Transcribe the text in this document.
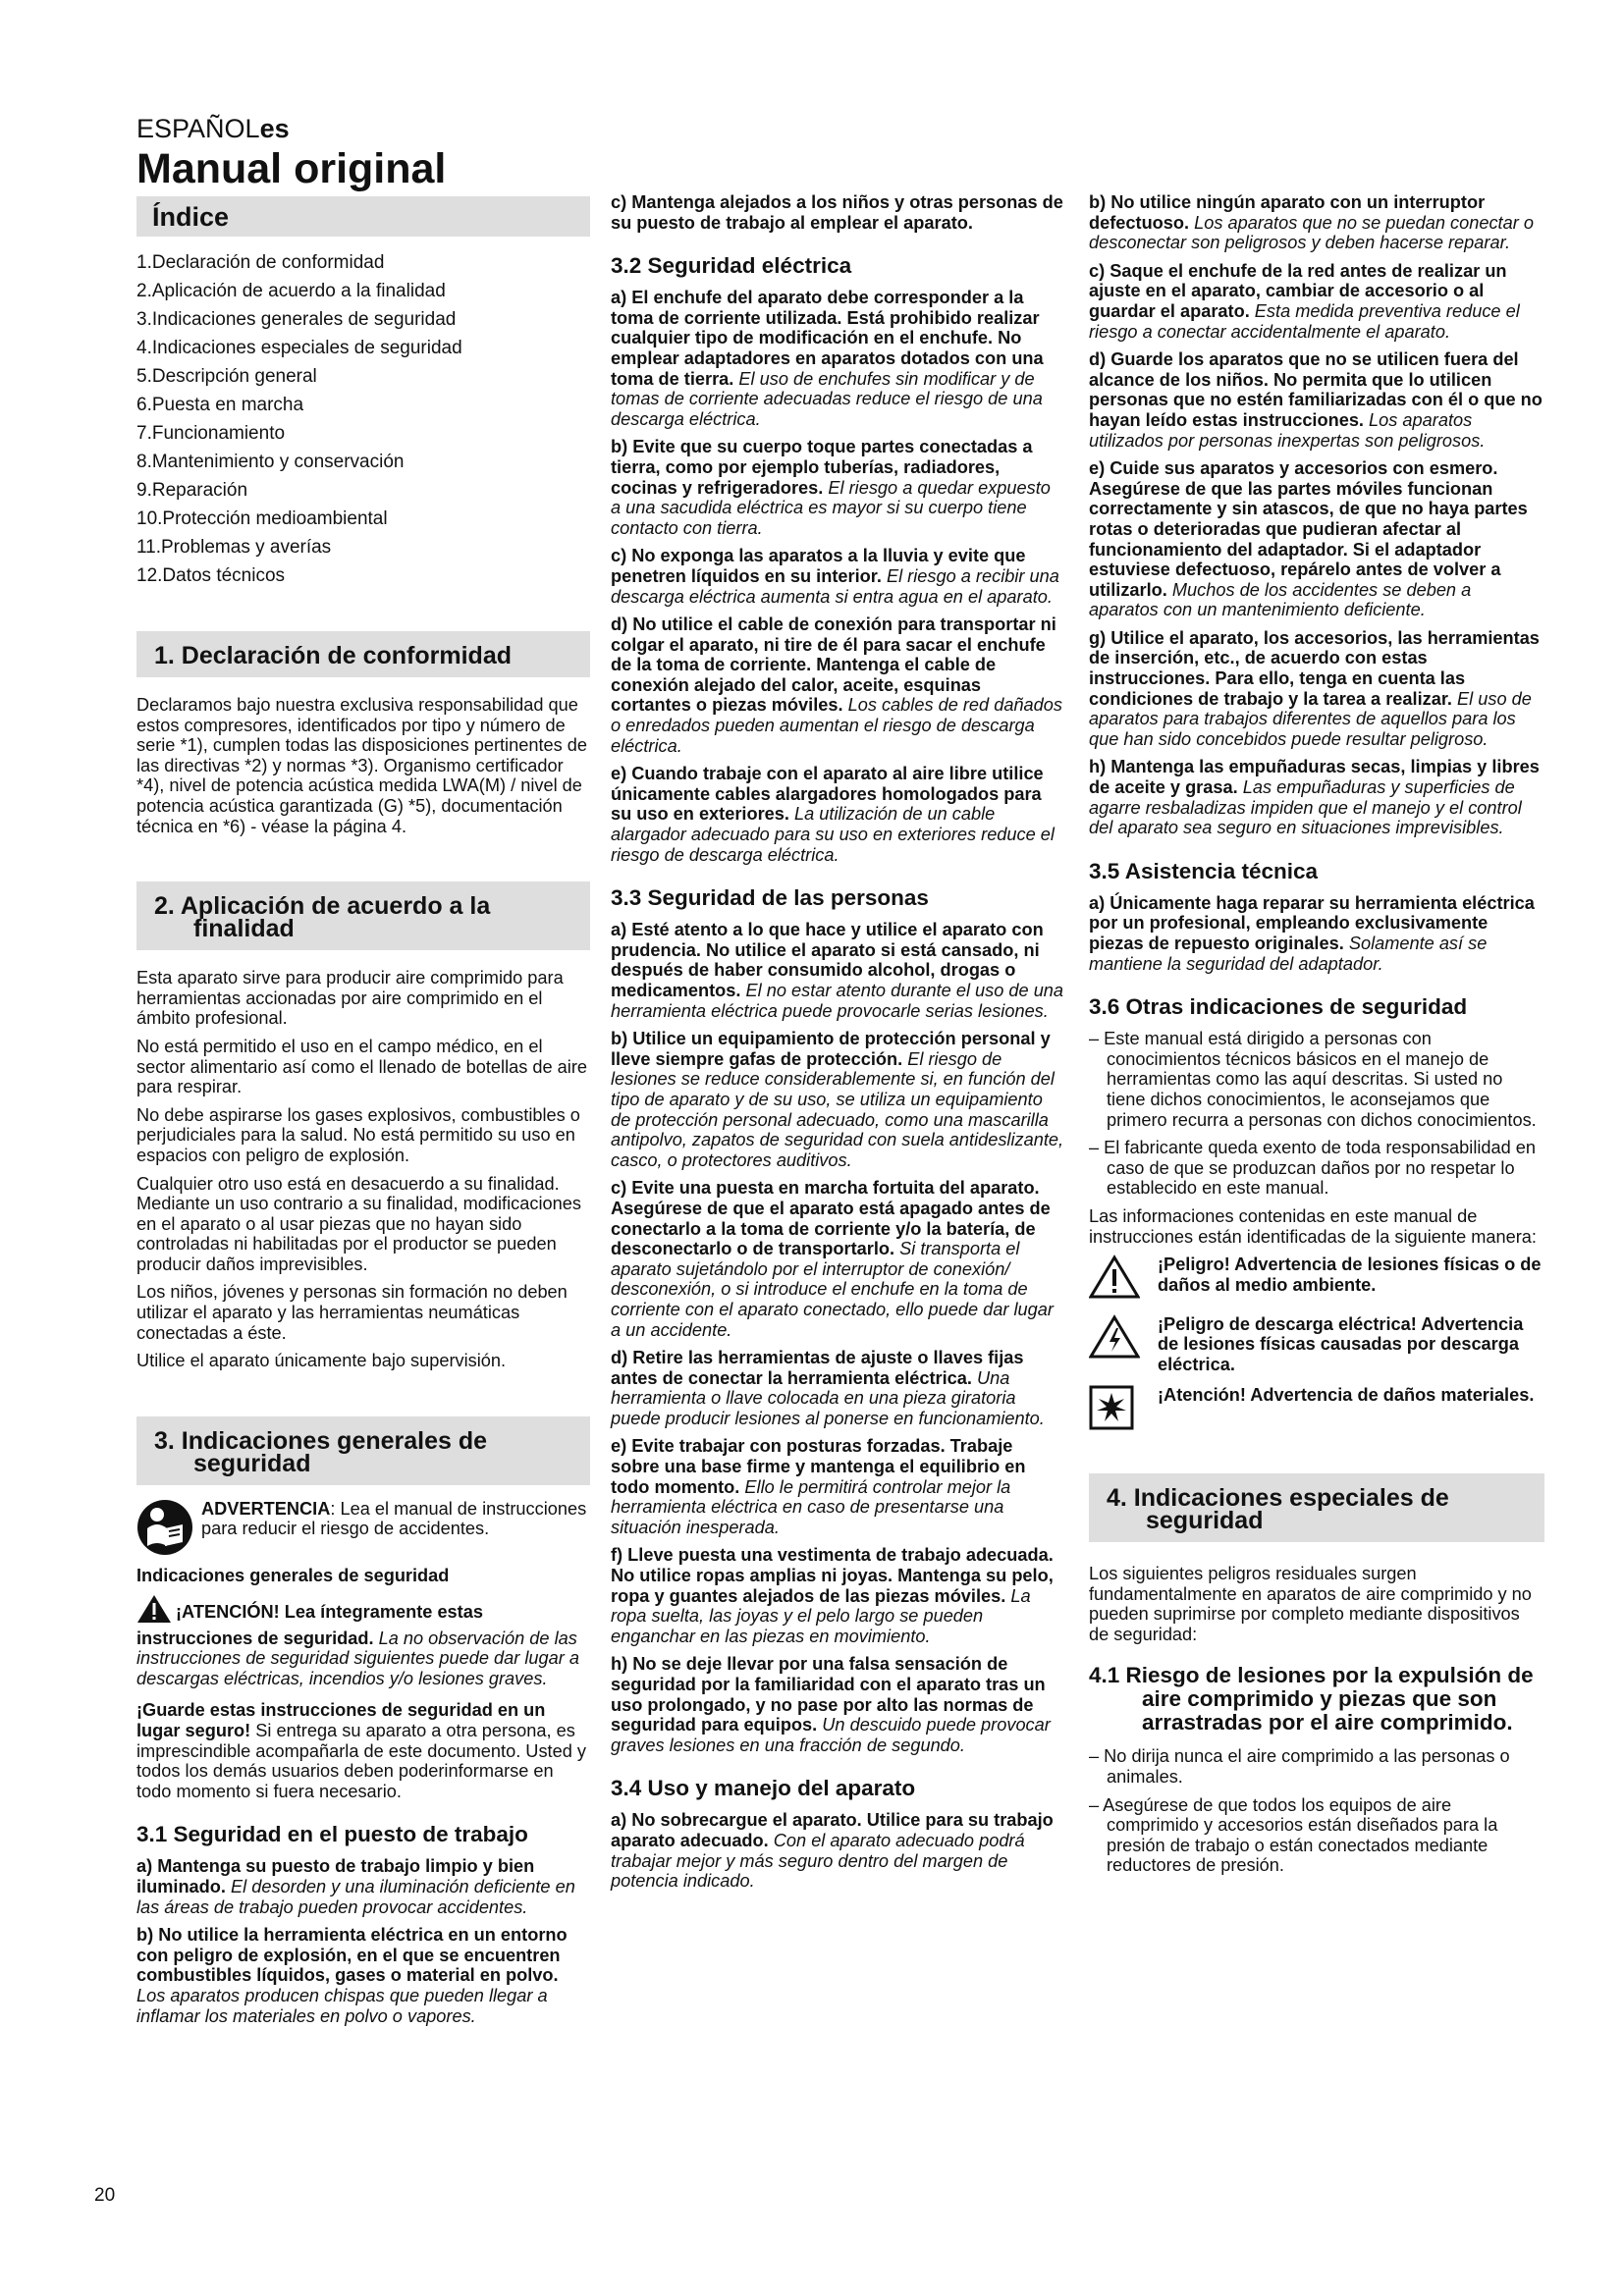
ESPAÑOLes
Manual original
Índice
1.Declaración de conformidad
2.Aplicación de acuerdo a la finalidad
3.Indicaciones generales de seguridad
4.Indicaciones especiales de seguridad
5.Descripción general
6.Puesta en marcha
7.Funcionamiento
8.Mantenimiento y conservación
9.Reparación
10.Protección medioambiental
11.Problemas y averías
12.Datos técnicos
1. Declaración de conformidad

Declaramos bajo nuestra exclusiva responsabilidad que estos compresores, identificados por tipo y número de serie *1), cumplen todas las disposiciones pertinentes de las directivas *2) y normas *3). Organismo certificador *4), nivel de potencia acústica medida LWA(M) / nivel de potencia acústica garantizada (G) *5), documentación técnica en *6) - véase la página 4.

2. Aplicación de acuerdo a la
finalidad

Esta aparato sirve para producir aire comprimido para herramientas accionadas por aire comprimido en el ámbito profesional.

No está permitido el uso en el campo médico, en el sector alimentario así como el llenado de botellas de aire para respirar.

No debe aspirarse los gases explosivos, combustibles o perjudiciales para la salud. No está permitido su uso en espacios con peligro de explosión.

Cualquier otro uso está en desacuerdo a su finalidad. Mediante un uso contrario a su finalidad, modificaciones en el aparato o al usar piezas que no hayan sido controladas ni habilitadas por el productor se pueden producir daños imprevisibles.

Los niños, jóvenes y personas sin formación no deben utilizar el aparato y las herramientas neumáticas conectadas a éste.

Utilice el aparato únicamente bajo supervisión.

3. Indicaciones generales de
seguridad
ADVERTENCIA: Lea el manual de instrucciones para reducir el riesgo de accidentes.

Indicaciones generales de seguridad

¡ATENCIÓN! Lea íntegramente estas instrucciones de seguridad. La no observación de las instrucciones de seguridad siguientes puede dar lugar a descargas eléctricas, incendios y/o lesiones graves.

¡Guarde estas instrucciones de seguridad en un lugar seguro! Si entrega su aparato a otra persona, es imprescindible acompañarla de este documento. Usted y todos los demás usuarios deben poderinformarse en todo momento si fuera necesario.

3.1 Seguridad en el puesto de trabajo

a) Mantenga su puesto de trabajo limpio y bien iluminado. El desorden y una iluminación deficiente en las áreas de trabajo pueden provocar accidentes.

b) No utilice la herramienta eléctrica en un entorno con peligro de explosión, en el que se encuentren combustibles líquidos, gases o material en polvo. Los aparatos producen chispas que pueden llegar a inflamar los materiales en polvo o vapores.

c) Mantenga alejados a los niños y otras personas de su puesto de trabajo al emplear el aparato.

3.2 Seguridad eléctrica

a) El enchufe del aparato debe corresponder a la toma de corriente utilizada. Está prohibido realizar cualquier tipo de modificación en el enchufe. No emplear adaptadores en aparatos dotados con una toma de tierra. El uso de enchufes sin modificar y de tomas de corriente adecuadas reduce el riesgo de una descarga eléctrica.

b) Evite que su cuerpo toque partes conectadas a tierra, como por ejemplo tuberías, radiadores, cocinas y refrigeradores. El riesgo a quedar expuesto a una sacudida eléctrica es mayor si su cuerpo tiene contacto con tierra.

c) No exponga las aparatos a la lluvia y evite que penetren líquidos en su interior. El riesgo a recibir una descarga eléctrica aumenta si entra agua en el aparato.

d) No utilice el cable de conexión para transportar ni colgar el aparato, ni tire de él para sacar el enchufe de la toma de corriente. Mantenga el cable de conexión alejado del calor, aceite, esquinas cortantes o piezas móviles. Los cables de red dañados o enredados pueden aumentan el riesgo de descarga eléctrica.

e) Cuando trabaje con el aparato al aire libre utilice únicamente cables alargadores homologados para su uso en exteriores. La utilización de un cable alargador adecuado para su uso en exteriores reduce el riesgo de descarga eléctrica.

3.3 Seguridad de las personas

a) Esté atento a lo que hace y utilice el aparato con prudencia. No utilice el aparato si está cansado, ni después de haber consumido alcohol, drogas o medicamentos. El no estar atento durante el uso de una herramienta eléctrica puede provocarle serias lesiones.

b) Utilice un equipamiento de protección personal y lleve siempre gafas de protección. El riesgo de lesiones se reduce considerablemente si, en función del tipo de aparato y de su uso, se utiliza un equipamiento de protección personal adecuado, como una mascarilla antipolvo, zapatos de seguridad con suela antideslizante, casco, o protectores auditivos.

c) Evite una puesta en marcha fortuita del aparato. Asegúrese de que el aparato está apagado antes de conectarlo a la toma de corriente y/o la batería, de desconectarlo o de transportarlo. Si transporta el aparato sujetándolo por el interruptor de conexión/ desconexión, o si introduce el enchufe en la toma de corriente con el aparato conectado, ello puede dar lugar a un accidente.

d) Retire las herramientas de ajuste o llaves fijas antes de conectar la herramienta eléctrica. Una herramienta o llave colocada en una pieza giratoria puede producir lesiones al ponerse en funcionamiento.

e) Evite trabajar con posturas forzadas. Trabaje sobre una base firme y mantenga el equilibrio en todo momento. Ello le permitirá controlar mejor la herramienta eléctrica en caso de presentarse una situación inesperada.

f) Lleve puesta una vestimenta de trabajo adecuada. No utilice ropas amplias ni joyas. Mantenga su pelo, ropa y guantes alejados de las piezas móviles. La ropa suelta, las joyas y el pelo largo se pueden enganchar en las piezas en movimiento.

h) No se deje llevar por una falsa sensación de seguridad por la familiaridad con el aparato tras un uso prolongado, y no pase por alto las normas de seguridad para equipos. Un descuido puede provocar graves lesiones en una fracción de segundo.

3.4 Uso y manejo del aparato

a) No sobrecargue el aparato. Utilice para su trabajo aparato adecuado. Con el aparato adecuado podrá trabajar mejor y más seguro dentro del margen de potencia indicado.

b) No utilice ningún aparato con un interruptor defectuoso. Los aparatos que no se puedan conectar o desconectar son peligrosos y deben hacerse reparar.

c) Saque el enchufe de la red antes de realizar un ajuste en el aparato, cambiar de accesorio o al guardar el aparato. Esta medida preventiva reduce el riesgo a conectar accidentalmente el aparato.

d) Guarde los aparatos que no se utilicen fuera del alcance de los niños. No permita que lo utilicen personas que no estén familiarizadas con él o que no hayan leído estas instrucciones. Los aparatos utilizados por personas inexpertas son peligrosos.

e) Cuide sus aparatos y accesorios con esmero. Asegúrese de que las partes móviles funcionan correctamente y sin atascos, de que no haya partes rotas o deterioradas que pudieran afectar al funcionamiento del adaptador. Si el adaptador estuviese defectuoso, repárelo antes de volver a utilizarlo. Muchos de los accidentes se deben a aparatos con un mantenimiento deficiente.

g) Utilice el aparato, los accesorios, las herramientas de inserción, etc., de acuerdo con estas instrucciones. Para ello, tenga en cuenta las condiciones de trabajo y la tarea a realizar. El uso de aparatos para trabajos diferentes de aquellos para los que han sido concebidos puede resultar peligroso.

h) Mantenga las empuñaduras secas, limpias y libres de aceite y grasa. Las empuñaduras y superficies de agarre resbaladizas impiden que el manejo y el control del aparato sea seguro en situaciones imprevisibles.

3.5 Asistencia técnica

a) Únicamente haga reparar su herramienta eléctrica por un profesional, empleando exclusivamente piezas de repuesto originales. Solamente así se mantiene la seguridad del adaptador.

3.6 Otras indicaciones de seguridad

– Este manual está dirigido a personas con conocimientos técnicos básicos en el manejo de herramientas como las aquí descritas. Si usted no tiene dichos conocimientos, le aconsejamos que primero recurra a personas con dichos conocimientos.

– El fabricante queda exento de toda responsabilidad en caso de que se produzcan daños por no respetar lo establecido en este manual.

Las informaciones contenidas en este manual de instrucciones están identificadas de la siguiente manera:

¡Peligro! Advertencia de lesiones físicas o de daños al medio ambiente.
¡Peligro de descarga eléctrica! Advertencia de lesiones físicas causadas por descarga eléctrica.
¡Atención! Advertencia de daños materiales.
4. Indicaciones especiales de
seguridad

Los siguientes peligros residuales surgen fundamentalmente en aparatos de aire comprimido y no pueden suprimirse por completo mediante dispositivos de seguridad:

4.1 Riesgo de lesiones por la expulsión de aire comprimido y piezas que son arrastradas por el aire comprimido.

– No dirija nunca el aire comprimido a las personas o animales.

– Asegúrese de que todos los equipos de aire comprimido y accesorios están diseñados para la presión de trabajo o están conectados mediante reductores de presión.

20
